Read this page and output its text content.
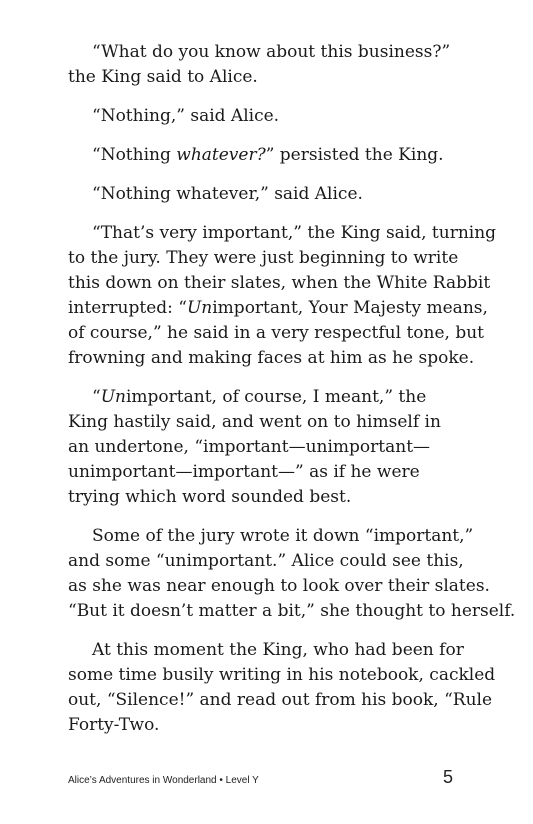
“What do you know about this business?”
the King said to Alice.

“Nothing,” said Alice.

“Nothing whatever?” persisted the King.

“Nothing whatever,” said Alice.

“That’s very important,” the King said, turning
to the jury. They were just beginning to write
this down on their slates, when the White Rabbit
interrupted: “Unimportant, Your Majesty means,
of course,” he said in a very respectful tone, but
frowning and making faces at him as he spoke.

“Unimportant, of course, I meant,” the
King hastily said, and went on to himself in
an undertone, “important—unimportant—
unimportant—important—” as if he were
trying which word sounded best.

Some of the jury wrote it down “important,”
and some “unimportant.” Alice could see this,
as she was near enough to look over their slates.
“But it doesn’t matter a bit,” she thought to herself.

At this moment the King, who had been for
some time busily writing in his notebook, cackled
out, “Silence!” and read out from his book, “Rule
Forty-Two.

Alice’s Adventures in Wonderland • Level Y	5
